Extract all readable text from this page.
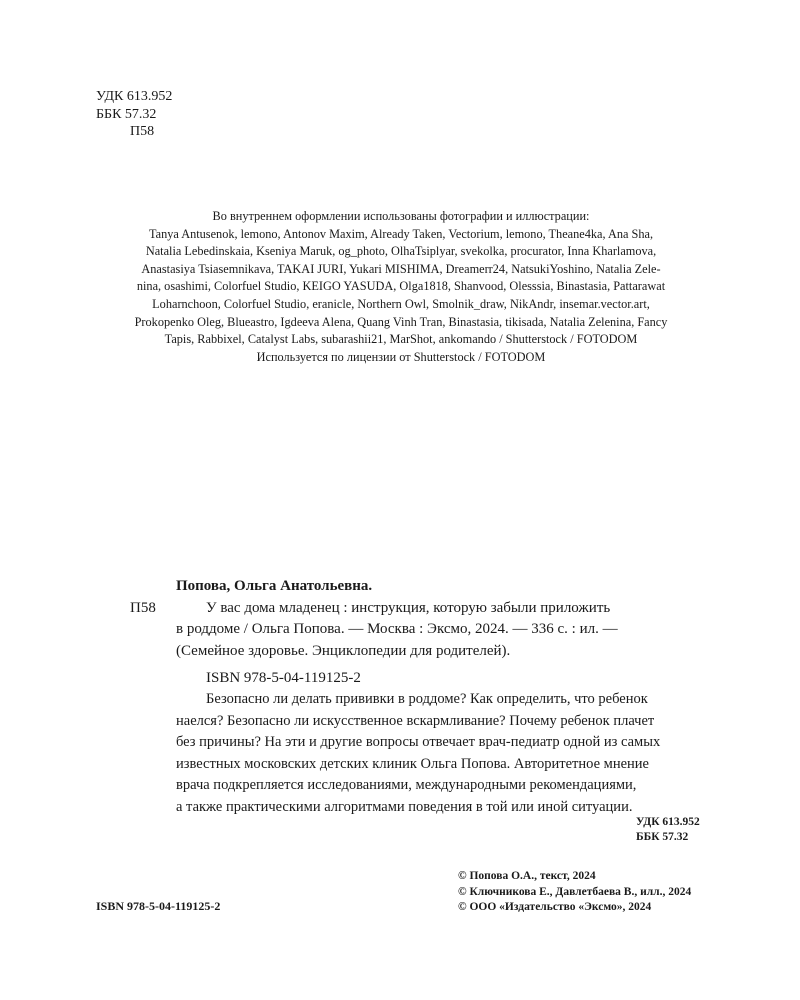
УДК 613.952
ББК 57.32
П58
Во внутреннем оформлении использованы фотографии и иллюстрации:
Tanya Antusenok, lemono, Antonov Maxim, Already Taken, Vectorium, lemono, Theane4ka, Ana Sha,
Natalia Lebedinskaia, Kseniya Maruk, og_photo, OlhaTsiplyar, svekolka, procurator, Inna Kharlamova,
Anastasiya Tsiasemnikava, TAKAI JURI, Yukari MISHIMA, Dreamerr24, NatsukiYoshino, Natalia Zele-
nina, osashimi, Colorfuel Studio, KEIGO YASUDA, Olga1818, Shanvood, Olesssia, Binastasia, Pattarawat
Loharnchoon, Colorfuel Studio, eranicle, Northern Owl, Smolnik_draw, NikAndr, insemar.vector.art,
Prokopenko Oleg, Blueastro, Igdeeva Alena, Quang Vinh Tran, Binastasia, tikisada, Natalia Zelenina, Fancy
Tapis, Rabbixel, Catalyst Labs, subarashii21, MarShot, ankomando / Shutterstock / FOTODOM
Используется по лицензии от Shutterstock / FOTODOM
Попова, Ольга Анатольевна.
П58	У вас дома младенец : инструкция, которую забыли приложить
в роддоме / Ольга Попова. — Москва : Эксмо, 2024. — 336 с. : ил. —
(Семейное здоровье. Энциклопедии для родителей).
ISBN 978-5-04-119125-2
Безопасно ли делать прививки в роддоме? Как определить, что ребенок
наелся? Безопасно ли искусственное вскармливание? Почему ребенок плачет
без причины? На эти и другие вопросы отвечает врач-педиатр одной из самых
известных московских детских клиник Ольга Попова. Авторитетное мнение
врача подкрепляется исследованиями, международными рекомендациями,
а также практическими алгоритмами поведения в той или иной ситуации.
УДК 613.952
ББК 57.32
© Попова О.А., текст, 2024
© Ключникова Е., Давлетбаева В., илл., 2024
© ООО «Издательство «Эксмо», 2024
ISBN 978-5-04-119125-2
